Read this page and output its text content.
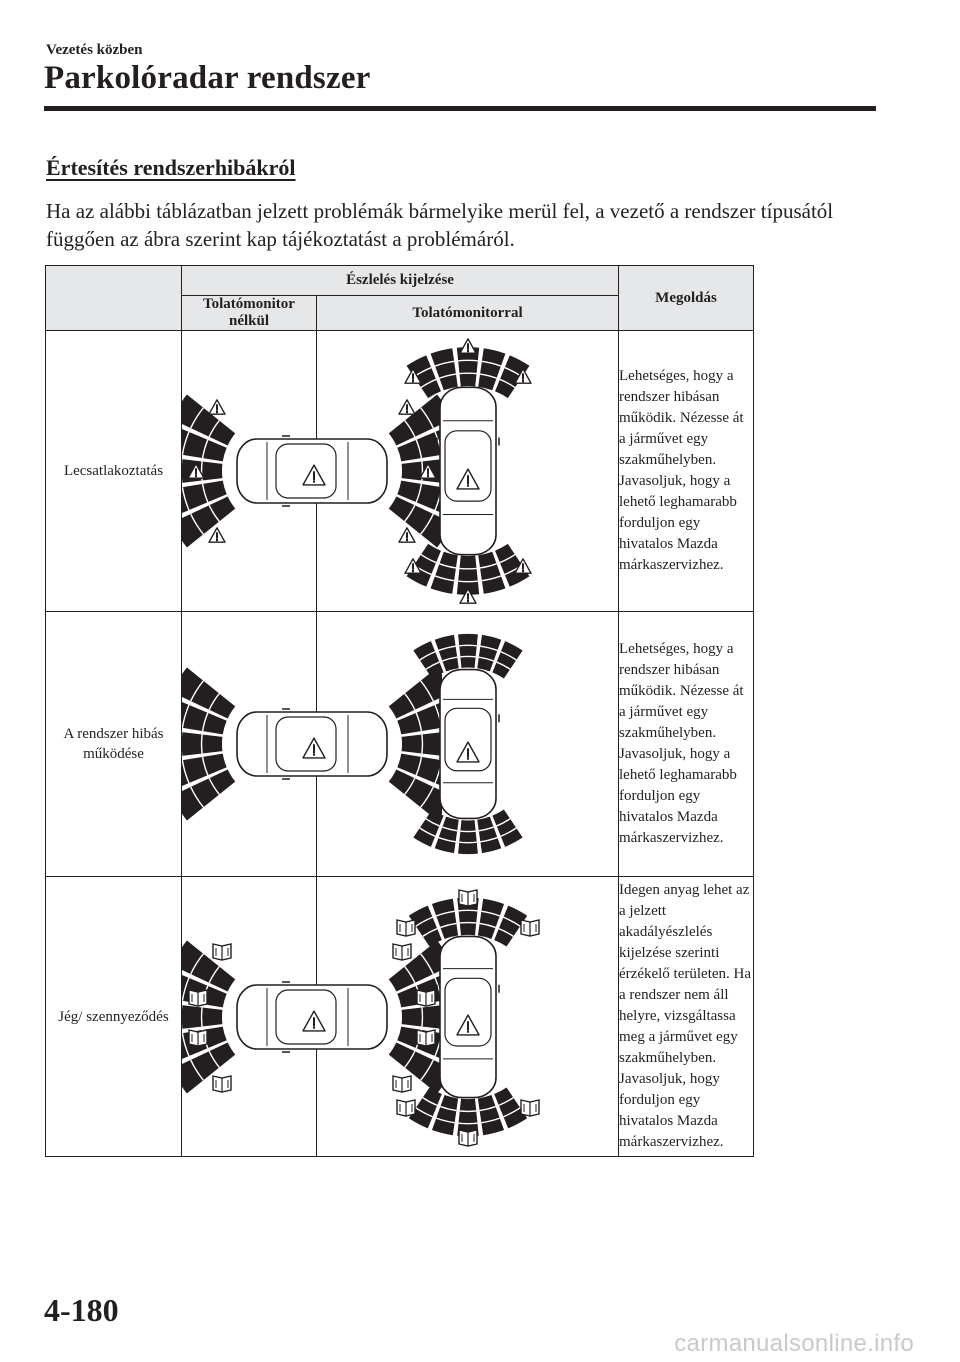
Vezetés közben
Parkolóradar rendszer
Értesítés rendszerhibákról
Ha az alábbi táblázatban jelzett problémák bármelyike merül fel, a vezető a rendszer típusától függően az ábra szerint kap tájékoztatást a problémáról.
	Észlelés kijelzése		Megoldás
	Tolatómonitor nélkül	Tolatómonitorral	
Lecsatlakoztatás			Lehetséges, hogy a rendszer hibásan működik. Nézesse át a járművet egy szakműhelyben. Javasoljuk, hogy a lehető leghamarabb forduljon egy hivatalos Mazda márkaszervizhez.
A rendszer hibás működése			Lehetséges, hogy a rendszer hibásan működik. Nézesse át a járművet egy szakműhelyben. Javasoljuk, hogy a lehető leghamarabb forduljon egy hivatalos Mazda márkaszervizhez.
Jég/ szennyeződés			Idegen anyag lehet az a jelzett akadályészlelés kijelzése szerinti érzékelő területen. Ha a rendszer nem áll helyre, vizsgáltassa meg a járművet egy szakműhelyben. Javasoljuk, hogy forduljon egy hivatalos Mazda márkaszervizhez.
4-180
carmanualsonline.info
